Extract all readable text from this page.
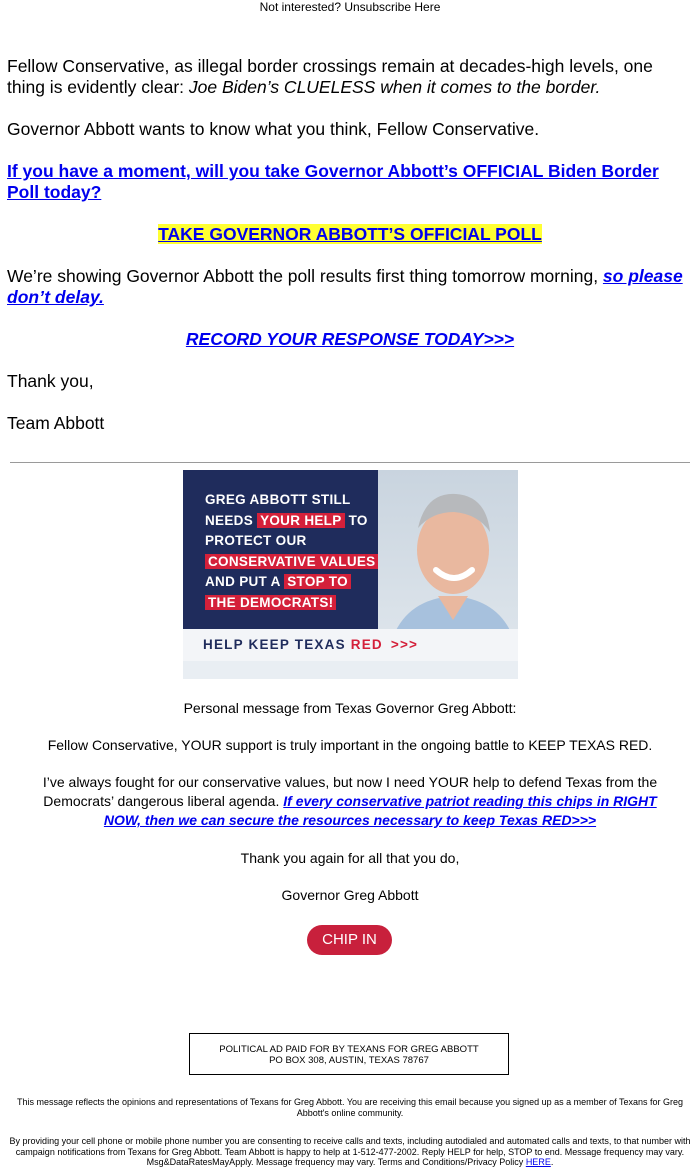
Not interested? Unsubscribe Here
Fellow Conservative, as illegal border crossings remain at decades-high levels, one thing is evidently clear: Joe Biden’s CLUELESS when it comes to the border.
Governor Abbott wants to know what you think, Fellow Conservative.
If you have a moment, will you take Governor Abbott’s OFFICIAL Biden Border Poll today?
TAKE GOVERNOR ABBOTT’S OFFICIAL POLL
We’re showing Governor Abbott the poll results first thing tomorrow morning, so please don’t delay.
RECORD YOUR RESPONSE TODAY>>>
Thank you,
Team Abbott
GREG ABBOTT STILL
NEEDS YOUR HELP TO
PROTECT OUR
CONSERVATIVE VALUES
AND PUT A STOP TO
THE DEMOCRATS!
HELP KEEP TEXAS RED >>>
Personal message from Texas Governor Greg Abbott:
Fellow Conservative, YOUR support is truly important in the ongoing battle to KEEP TEXAS RED.
I’ve always fought for our conservative values, but now I need YOUR help to defend Texas from the Democrats’ dangerous liberal agenda. If every conservative patriot reading this chips in RIGHT NOW, then we can secure the resources necessary to keep Texas RED>>>
Thank you again for all that you do,
Governor Greg Abbott
CHIP IN
POLITICAL AD PAID FOR BY TEXANS FOR GREG ABBOTT
PO BOX 308, AUSTIN, TEXAS 78767
This message reflects the opinions and representations of Texans for Greg Abbott. You are receiving this email because you signed up as a member of Texans for Greg Abbott's online community.
By providing your cell phone or mobile phone number you are consenting to receive calls and texts, including autodialed and automated calls and texts, to that number with campaign notifications from Texans for Greg Abbott. Team Abbott is happy to help at 1-512-477-2002. Reply HELP for help, STOP to end. Message frequency may vary. Msg&DataRatesMayApply. Message frequency may vary. Terms and Conditions/Privacy Policy HERE.
